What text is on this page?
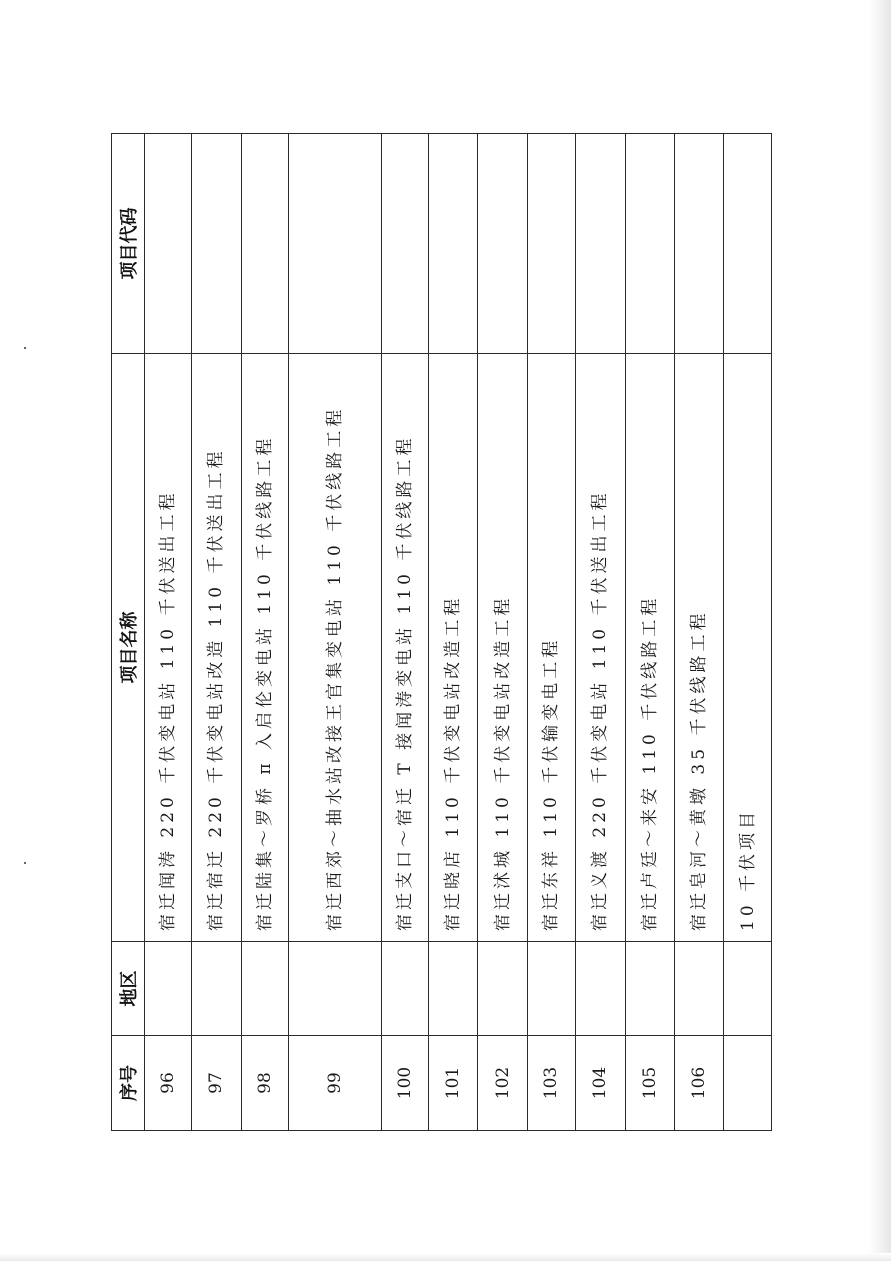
序号	地区	项目名称	项目代码
96		宿迁闻涛 220 千伏变电站 110 千伏送出工程	
97		宿迁宿迁 220 千伏变电站改造 110 千伏送出工程	
98		宿迁陆集～罗桥 π 入启伦变电站 110 千伏线路工程	
99		宿迁西郊～抽水站改接王官集变电站 110 千伏线路工程	
100		宿迁支口～宿迁 T 接闻涛变电站 110 千伏线路工程	
101		宿迁晓店 110 千伏变电站改造工程	
102		宿迁沭城 110 千伏变电站改造工程	
103		宿迁东祥 110 千伏输变电工程	
104		宿迁义渡 220 千伏变电站 110 千伏送出工程	
105		宿迁卢廷～来安 110 千伏线路工程	
106		宿迁皂河～黄墩 35 千伏线路工程	
		10 千伏项目	
